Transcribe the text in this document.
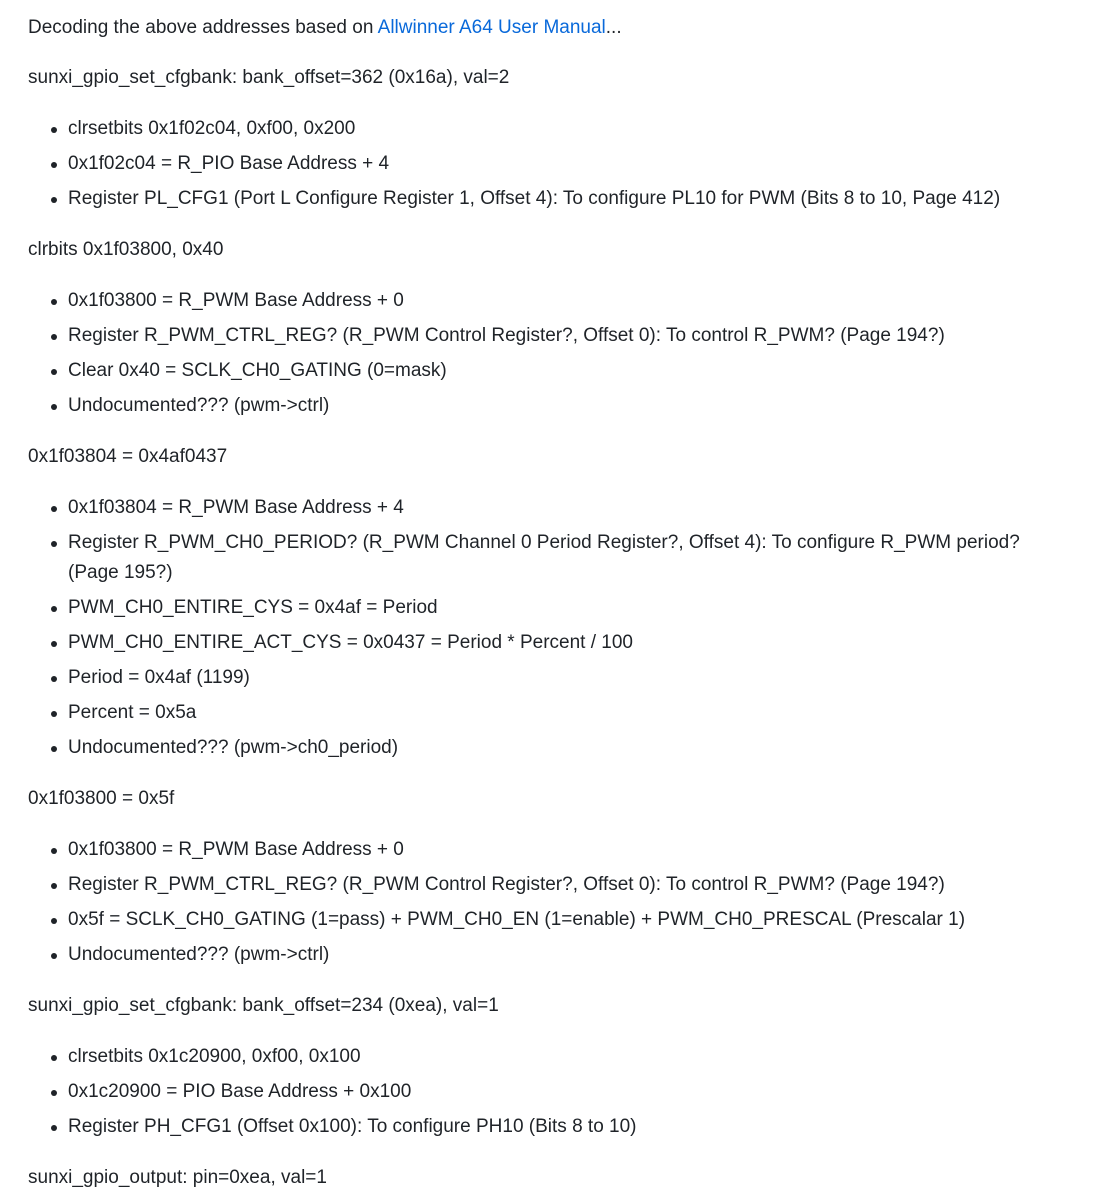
Decoding the above addresses based on Allwinner A64 User Manual...

sunxi_gpio_set_cfgbank: bank_offset=362 (0x16a), val=2

clrsetbits 0x1f02c04, 0xf00, 0x200
0x1f02c04 = R_PIO Base Address + 4
Register PL_CFG1 (Port L Configure Register 1, Offset 4): To configure PL10 for PWM (Bits 8 to 10, Page 412)

clrbits 0x1f03800, 0x40

0x1f03800 = R_PWM Base Address + 0
Register R_PWM_CTRL_REG? (R_PWM Control Register?, Offset 0): To control R_PWM? (Page 194?)
Clear 0x40 = SCLK_CH0_GATING (0=mask)
Undocumented??? (pwm->ctrl)

0x1f03804 = 0x4af0437

0x1f03804 = R_PWM Base Address + 4
Register R_PWM_CH0_PERIOD? (R_PWM Channel 0 Period Register?, Offset 4): To configure R_PWM period? (Page 195?)
PWM_CH0_ENTIRE_CYS = 0x4af = Period
PWM_CH0_ENTIRE_ACT_CYS = 0x0437 = Period * Percent / 100
Period = 0x4af (1199)
Percent = 0x5a
Undocumented??? (pwm->ch0_period)

0x1f03800 = 0x5f

0x1f03800 = R_PWM Base Address + 0
Register R_PWM_CTRL_REG? (R_PWM Control Register?, Offset 0): To control R_PWM? (Page 194?)
0x5f = SCLK_CH0_GATING (1=pass) + PWM_CH0_EN (1=enable) + PWM_CH0_PRESCAL (Prescalar 1)
Undocumented??? (pwm->ctrl)

sunxi_gpio_set_cfgbank: bank_offset=234 (0xea), val=1

clrsetbits 0x1c20900, 0xf00, 0x100
0x1c20900 = PIO Base Address + 0x100
Register PH_CFG1 (Offset 0x100): To configure PH10 (Bits 8 to 10)

sunxi_gpio_output: pin=0xea, val=1
